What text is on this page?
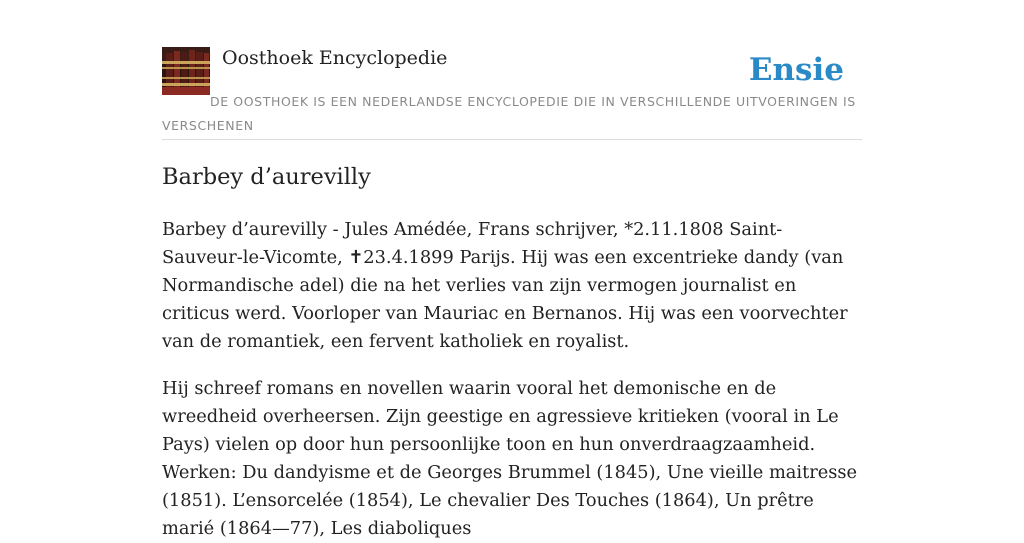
Oosthoek Encyclopedie	Ensie
DE OOSTHOEK IS EEN NEDERLANDSE ENCYCLOPEDIE DIE IN VERSCHILLENDE UITVOERINGEN IS VERSCHENEN
Barbey d’aurevilly

Barbey d’aurevilly - Jules Amédée, Frans schrijver, *2.11.1808 Saint-Sauveur-le-Vicomte, ✝23.4.1899 Parijs. Hij was een excentrieke dandy (van Normandische adel) die na het verlies van zijn vermogen journalist en criticus werd. Voorloper van Mauriac en Bernanos. Hij was een voorvechter van de romantiek, een fervent katholiek en royalist.

Hij schreef romans en novellen waarin vooral het demonische en de wreedheid overheersen. Zijn geestige en agressieve kritieken (vooral in Le Pays) vielen op door hun persoonlijke toon en hun onverdraagzaamheid. Werken: Du dandyisme et de Georges Brummel (1845), Une vieille maitresse (1851). L’ensorcelée (1854), Le chevalier Des Touches (1864), Un prêtre marié (1864—77), Les diaboliques
